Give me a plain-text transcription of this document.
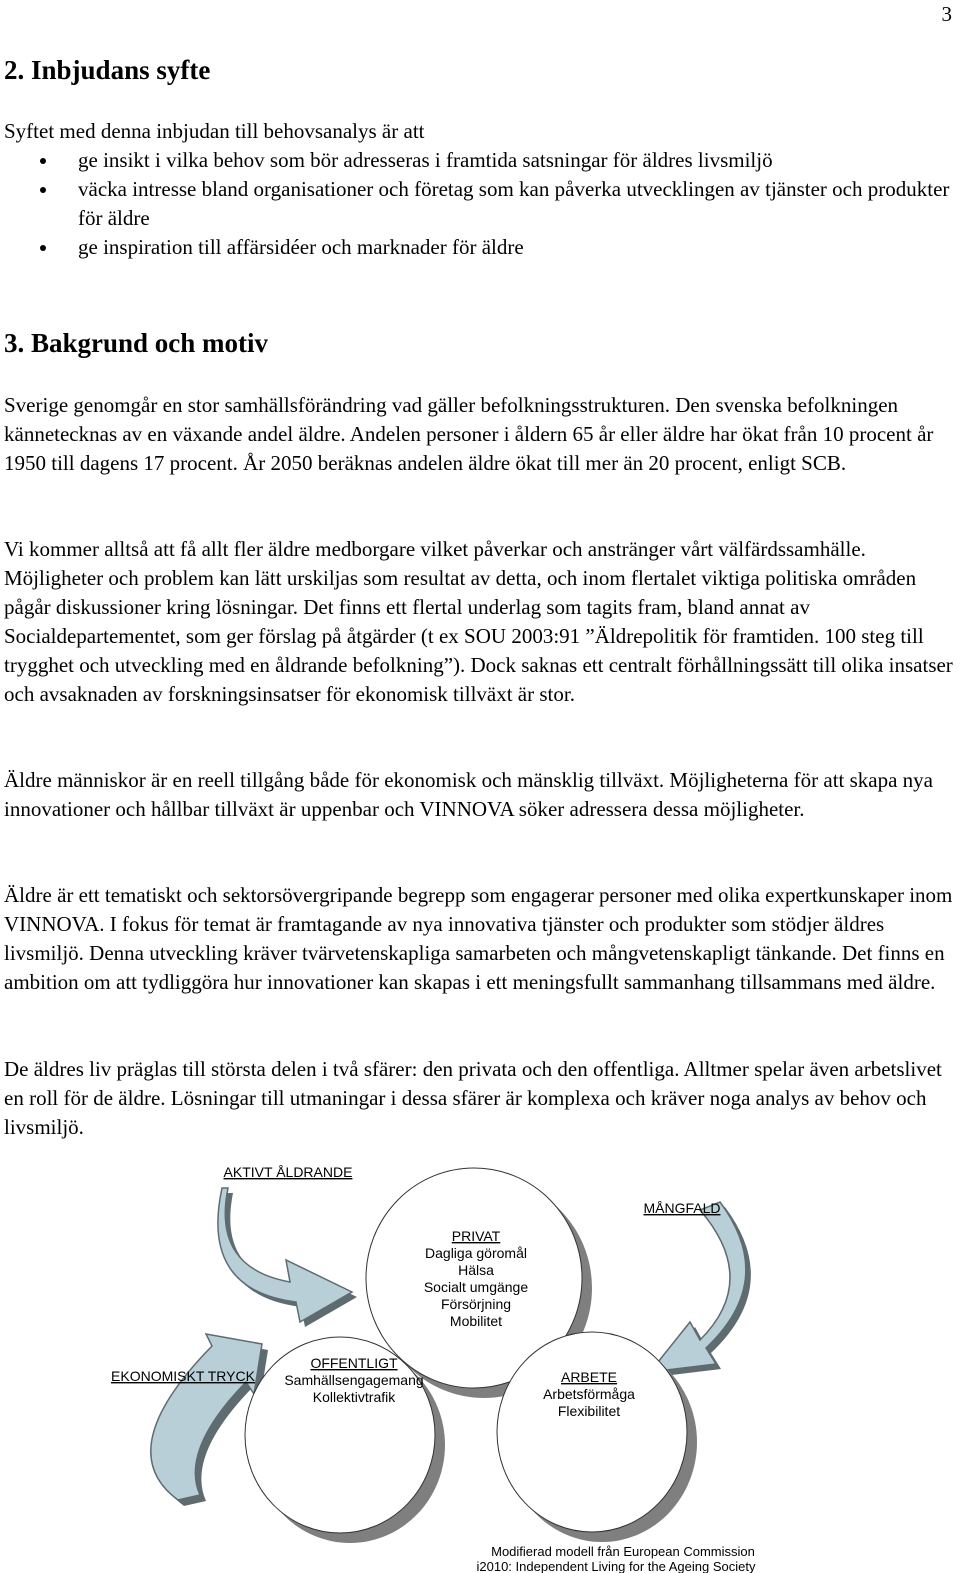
3
2. Inbjudans syfte

Syftet med denna inbjudan till behovsanalys är att

ge insikt i vilka behov som bör adresseras i framtida satsningar för äldres livsmiljö
väcka intresse bland organisationer och företag som kan påverka utvecklingen av tjänster och produkter för äldre
ge inspiration till affärsidéer och marknader för äldre
3. Bakgrund och motiv

Sverige genomgår en stor samhällsförändring vad gäller befolkningsstrukturen. Den svenska befolkningen kännetecknas av en växande andel äldre. Andelen personer i åldern 65 år eller äldre har ökat från 10 procent år 1950 till dagens 17 procent. År 2050 beräknas andelen äldre ökat till mer än 20 procent, enligt SCB.

Vi kommer alltså att få allt fler äldre medborgare vilket påverkar och anstränger vårt välfärdssamhälle. Möjligheter och problem kan lätt urskiljas som resultat av detta, och inom flertalet viktiga politiska områden pågår diskussioner kring lösningar. Det finns ett flertal underlag som tagits fram, bland annat av Socialdepartementet, som ger förslag på åtgärder (t ex SOU 2003:91 ”Äldrepolitik för framtiden. 100 steg till trygghet och utveckling med en åldrande befolkning”). Dock saknas ett centralt förhållningssätt till olika insatser och avsaknaden av forskningsinsatser för ekonomisk tillväxt är stor.

Äldre människor är en reell tillgång både för ekonomisk och mänsklig tillväxt. Möjligheterna för att skapa nya innovationer och hållbar tillväxt är uppenbar och VINNOVA söker adressera dessa möjligheter.

Äldre är ett tematiskt och sektorsövergripande begrepp som engagerar personer med olika expertkunskaper inom VINNOVA. I fokus för temat är framtagande av nya innovativa tjänster och produkter som stödjer äldres livsmiljö. Denna utveckling kräver tvärvetenskapliga samarbeten och mångvetenskapligt tänkande. Det finns en ambition om att tydliggöra hur innovationer kan skapas i ett meningsfullt sammanhang tillsammans med äldre.

De äldres liv präglas till största delen i två sfärer: den privata och den offentliga. Alltmer spelar även arbetslivet en roll för de äldre. Lösningar till utmaningar i dessa sfärer är komplexa och kräver noga analys av behov och livsmiljö.

AKTIVT ÅLDRANDE
MÅNGFALD
EKONOMISKT TRYCK
PRIVAT
Dagliga göromål
Hälsa
Socialt umgänge
Försörjning
Mobilitet
OFFENTLIGT
Samhällsengagemang
Kollektivtrafik
ARBETE
Arbetsförmåga
Flexibilitet
Modifierad modell från European Commission
i2010: Independent Living for the Ageing Society
